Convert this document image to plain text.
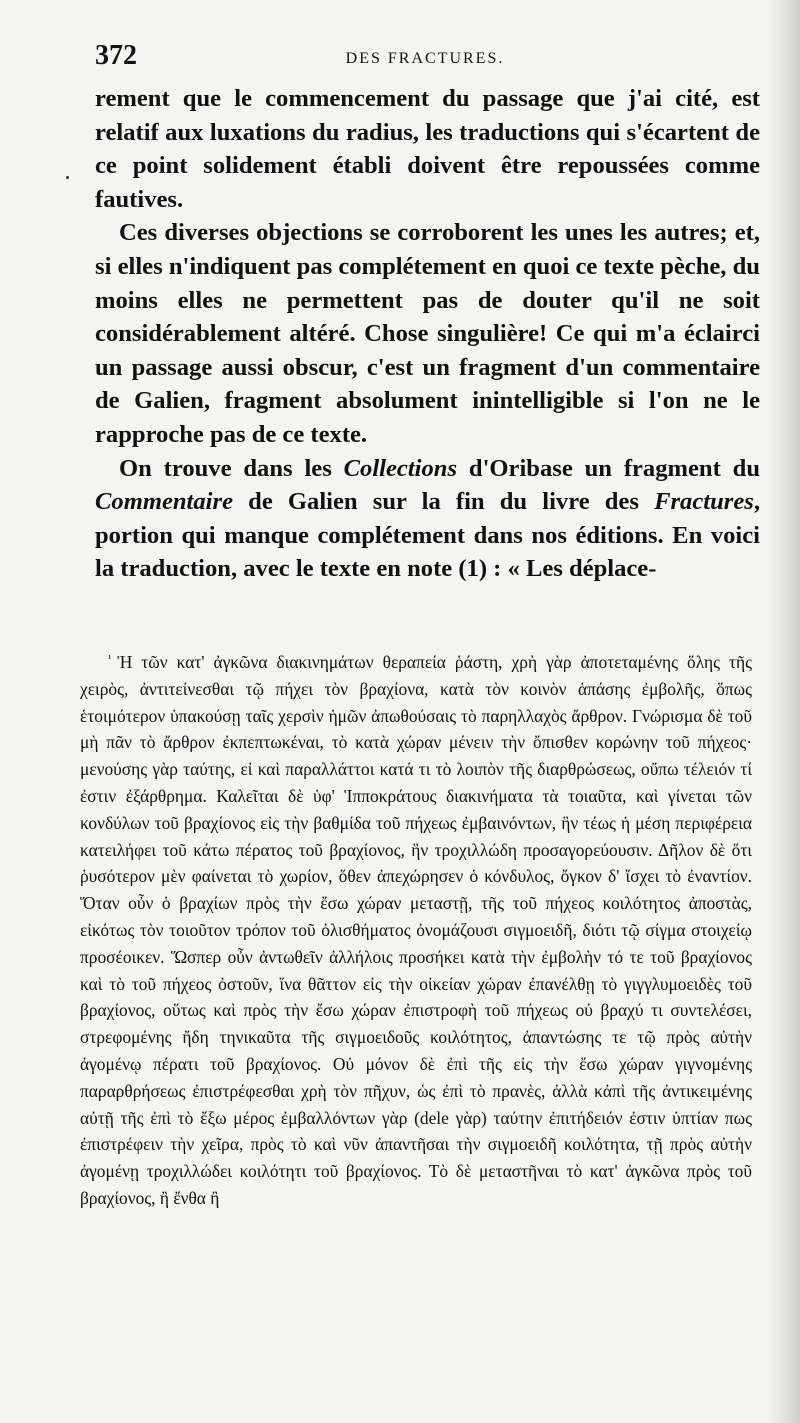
372	DES FRACTURES.

rement que le commencement du passage que j'ai cité, est relatif aux luxations du radius, les traductions qui s'écartent de ce point solidement établi doivent être repoussées comme fautives.

Ces diverses objections se corroborent les unes les autres; et, si elles n'indiquent pas complétement en quoi ce texte pèche, du moins elles ne permettent pas de douter qu'il ne soit considérablement altéré. Chose singulière! Ce qui m'a éclairci un passage aussi obscur, c'est un fragment d'un commentaire de Galien, fragment absolument inintelligible si l'on ne le rapproche pas de ce texte.

On trouve dans les Collections d'Oribase un fragment du Commentaire de Galien sur la fin du livre des Fractures, portion qui manque complétement dans nos éditions. En voici la traduction, avec le texte en note (1) : « Les déplace-

$^{^1}$ Ἡ τῶν κατ' ἀγκῶνα διακινημάτων θεραπεία ῥάστη, χρὴ γὰρ ἀποτεταμένης ὅλης τῆς χειρὸς, ἀντιτείνεσθαι τῷ πήχει τὸν βραχίονα, κατὰ τὸν κοινὸν ἁπάσης ἐμβολῆς, ὅπως ἑτοιμότερον ὑπακούσῃ ταῖς χερσὶν ἡμῶν ἀπωθούσαις τὸ παρηλλαχὸς ἄρθρον. Γνώρισμα δὲ τοῦ μὴ πᾶν τὸ ἄρθρον ἐκπεπτωκέναι, τὸ κατὰ χώραν μένειν τὴν ὄπισθεν κορώνην τοῦ πήχεος· μενούσης γὰρ ταύτης, εἰ καὶ παραλλάττοι κατά τι τὸ λοιπὸν τῆς διαρθρώσεως, οὔπω τέλειόν τί ἐστιν ἐξάρθρημα. Καλεῖται δὲ ὑφ' Ἱπποκράτους διακινήματα τὰ τοιαῦτα, καὶ γίνεται τῶν κονδύλων τοῦ βραχίονος εἰς τὴν βαθμίδα τοῦ πήχεως ἐμβαινόντων, ἣν τέως ἡ μέση περιφέρεια κατειλήφει τοῦ κάτω πέρατος τοῦ βραχίονος, ἣν τροχιλλώδη προσαγορεύουσιν. Δῆλον δὲ ὅτι ῥυσότερον μὲν φαίνεται τὸ χωρίον, ὅθεν ἀπεχώρησεν ὁ κόνδυλος, ὄγκον δ' ἴσχει τὸ ἐναντίον. Ὅταν οὖν ὁ βραχίων πρὸς τὴν ἔσω χώραν μεταστῇ, τῆς τοῦ πήχεος κοιλότητος ἀποστὰς, εἰκότως τὸν τοιοῦτον τρόπον τοῦ ὀλισθήματος ὀνομάζουσι σιγμοειδῆ, διότι τῷ σίγμα στοιχείῳ προσέοικεν. Ὥσπερ οὖν ἀντωθεῖν ἀλλήλοις προσήκει κατὰ τὴν ἐμβολὴν τό τε τοῦ βραχίονος καὶ τὸ τοῦ πήχεος ὀστοῦν, ἵνα θᾶττον εἰς τὴν οἰκείαν χώραν ἐπανέλθῃ τὸ γιγγλυμοειδὲς τοῦ βραχίονος, οὕτως καὶ πρὸς τὴν ἔσω χώραν ἐπιστροφὴ τοῦ πήχεως οὐ βραχύ τι συντελέσει, στρεφομένης ἤδη τηνικαῦτα τῆς σιγμοειδοῦς κοιλότητος, ἀπαντώσης τε τῷ πρὸς αὐτὴν ἀγομένῳ πέρατι τοῦ βραχίονος. Οὐ μόνον δὲ ἐπὶ τῆς εἰς τὴν ἔσω χώραν γιγνομένης παραρθρήσεως ἐπιστρέφεσθαι χρὴ τὸν πῆχυν, ὡς ἐπὶ τὸ πρανὲς, ἀλλὰ κἀπὶ τῆς ἀντικειμένης αὐτῇ τῆς ἐπὶ τὸ ἔξω μέρος ἐμβαλλόντων γὰρ (dele γὰρ) ταύτην ἐπιτήδειόν ἐστιν ὑπτίαν πως ἐπιστρέφειν τὴν χεῖρα, πρὸς τὸ καὶ νῦν ἀπαντῆσαι τὴν σιγμοειδῆ κοιλότητα, τῇ πρὸς αὐτὴν ἀγομένῃ τροχιλλώδει κοιλότητι τοῦ βραχίονος. Τὸ δὲ μεταστῆναι τὸ κατ' ἀγκῶνα πρὸς τοῦ βραχίονος, ἢ ἔνθα ἢ
